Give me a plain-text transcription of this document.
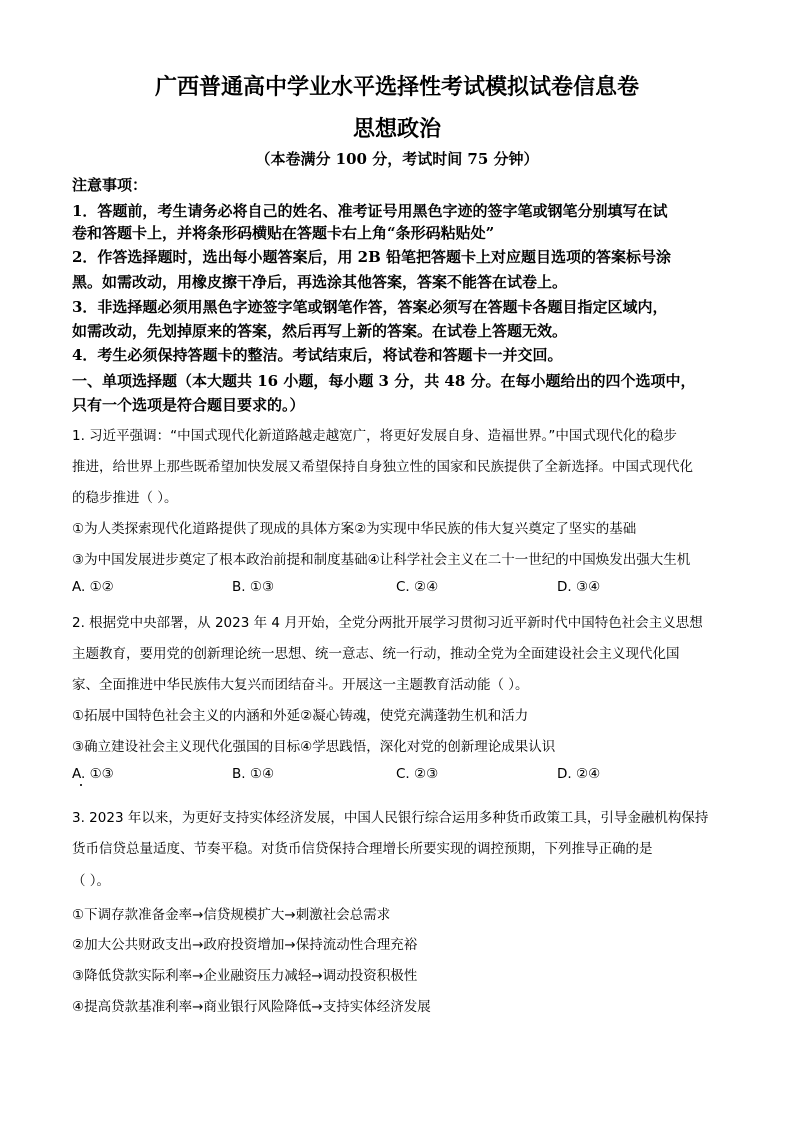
广西普通高中学业水平选择性考试模拟试卷信息卷
思想政治
（本卷满分 100 分，考试时间 75 分钟）
注意事项：
1．答题前，考生请务必将自己的姓名、准考证号用黑色字迹的签字笔或钢笔分别填写在试
卷和答题卡上，并将条形码横贴在答题卡右上角“条形码粘贴处”
2．作答选择题时，选出每小题答案后，用 2B 铅笔把答题卡上对应题目选项的答案标号涂
黑。如需改动，用橡皮擦干净后，再选涂其他答案，答案不能答在试卷上。
3．非选择题必须用黑色字迹签字笔或钢笔作答，答案必须写在答题卡各题目指定区域内，
如需改动，先划掉原来的答案，然后再写上新的答案。在试卷上答题无效。
4．考生必须保持答题卡的整洁。考试结束后，将试卷和答题卡一并交回。
一、单项选择题（本大题共 16 小题，每小题 3 分，共 48 分。在每小题给出的四个选项中，
只有一个选项是符合题目要求的。）
1. 习近平强调：“中国式现代化新道路越走越宽广，将更好发展自身、造福世界。”中国式现代化的稳步
推进，给世界上那些既希望加快发展又希望保持自身独立性的国家和民族提供了全新选择。中国式现代化
的稳步推进（ ）。
①为人类探索现代化道路提供了现成的具体方案②为实现中华民族的伟大复兴奠定了坚实的基础
③为中国发展进步奠定了根本政治前提和制度基础④让科学社会主义在二十一世纪的中国焕发出强大生机
A. ①②	B. ①③	C. ②④	D. ③④
2. 根据党中央部署，从 2023 年 4 月开始，全党分两批开展学习贯彻习近平新时代中国特色社会主义思想
主题教育，要用党的创新理论统一思想、统一意志、统一行动，推动全党为全面建设社会主义现代化国
家、全面推进中华民族伟大复兴而团结奋斗。开展这一主题教育活动能（ ）。
①拓展中国特色社会主义的内涵和外延②凝心铸魂，使党充满蓬勃生机和活力
③确立建设社会主义现代化强国的目标④学思践悟，深化对党的创新理论成果认识
A. ①③	B. ①④	C. ②③	D. ②④
3. 2023 年以来，为更好支持实体经济发展，中国人民银行综合运用多种货币政策工具，引导金融机构保持
货币信贷总量适度、节奏平稳。对货币信贷保持合理增长所要实现的调控预期，下列推导正确的是
（ ）。
①下调存款准备金率→信贷规模扩大→刺激社会总需求
②加大公共财政支出→政府投资增加→保持流动性合理充裕
③降低贷款实际利率→企业融资压力减轻→调动投资积极性
④提高贷款基准利率→商业银行风险降低→支持实体经济发展
